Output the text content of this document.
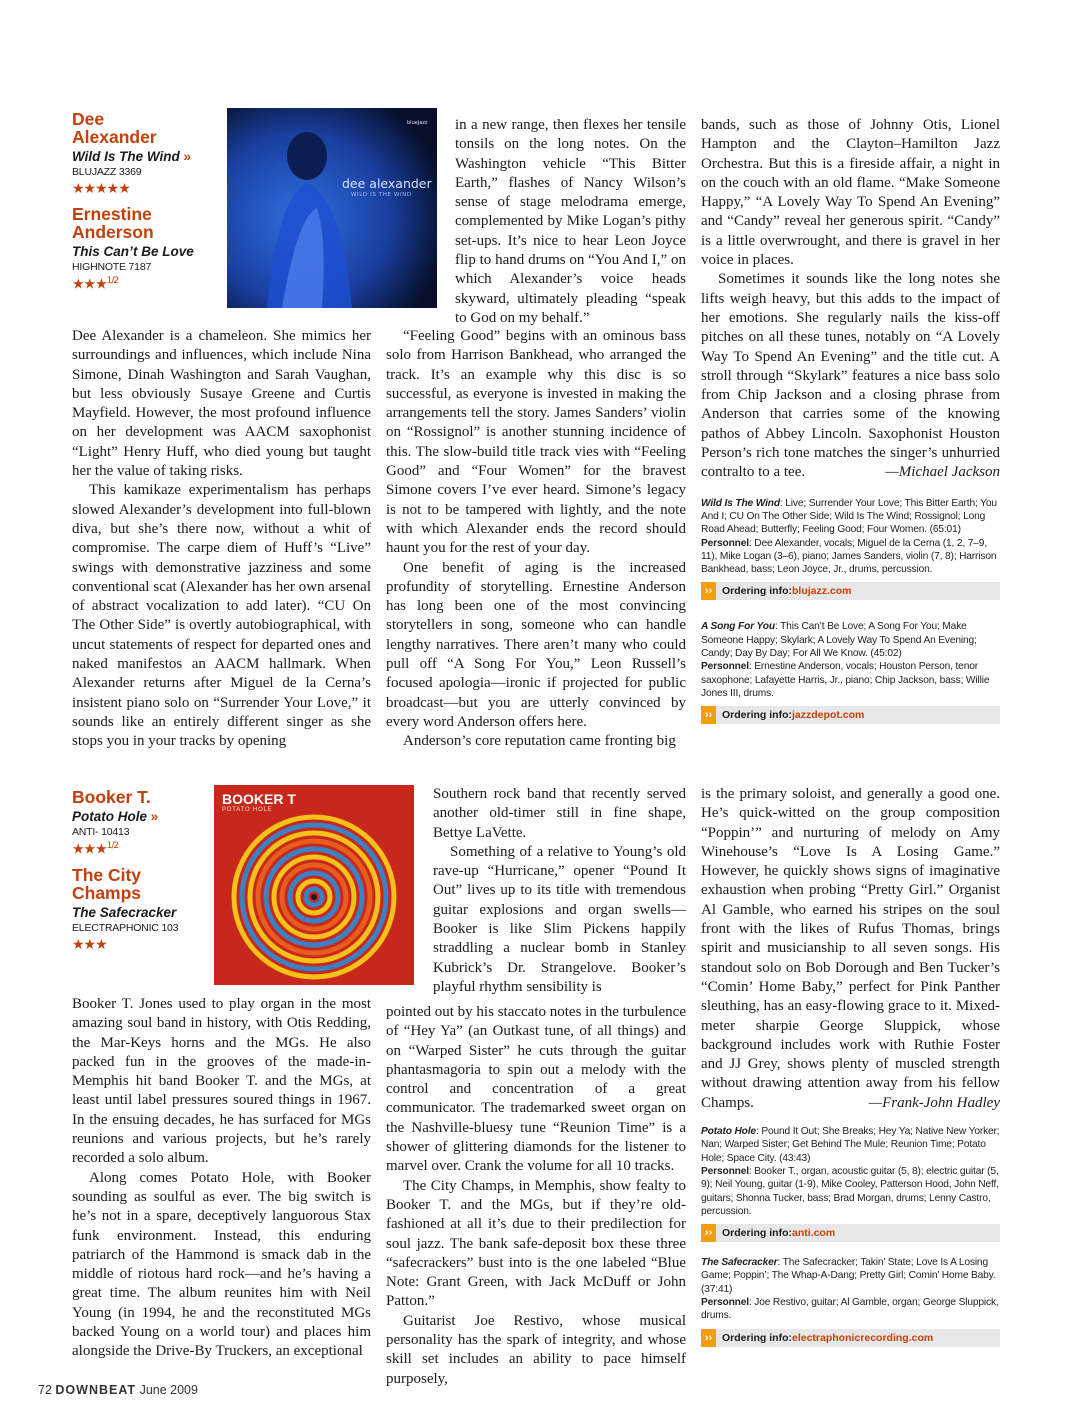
Dee Alexander
Wild Is The Wind »
BLUJAZZ 3369
★★★★★
Ernestine Anderson
This Can’t Be Love
HIGHNOTE 7187
★★★$^{1/2}$
dee alexander
WILD IS THE WIND
bluejazz

Dee Alexander is a chameleon. She mimics her surroundings and influences, which include Nina Simone, Dinah Washington and Sarah Vaughan, but less obviously Susaye Greene and Curtis Mayfield. However, the most profound influence on her development was AACM saxophonist “Light” Henry Huff, who died young but taught her the value of taking risks.

This kamikaze experimentalism has perhaps slowed Alexander’s development into full-blown diva, but she’s there now, without a whit of compromise. The carpe diem of Huff’s “Live” swings with demonstrative jazziness and some conventional scat (Alexander has her own arsenal of abstract vocalization to add later). “CU On The Other Side” is overtly autobiographical, with uncut statements of respect for departed ones and naked manifestos an AACM hallmark. When Alexander returns after Miguel de la Cerna’s insistent piano solo on “Surrender Your Love,” it sounds like an entirely different singer as she stops you in your tracks by opening

in a new range, then flexes her tensile tonsils on the long notes. On the Washington vehicle “This Bitter Earth,” flashes of Nancy Wilson’s sense of stage melodrama emerge, complemented by Mike Logan’s pithy set-ups. It’s nice to hear Leon Joyce flip to hand drums on “You And I,” on which Alexander’s voice heads skyward, ultimately pleading “speak to God on my behalf.”

“Feeling Good” begins with an ominous bass solo from Harrison Bankhead, who arranged the track. It’s an example why this disc is so successful, as everyone is invested in making the arrangements tell the story. James Sanders’ violin on “Rossignol” is another stunning incidence of this. The slow-build title track vies with “Feeling Good” and “Four Women” for the bravest Simone covers I’ve ever heard. Simone’s legacy is not to be tampered with lightly, and the note with which Alexander ends the record should haunt you for the rest of your day.

One benefit of aging is the increased profundity of storytelling. Ernestine Anderson has long been one of the most convincing storytellers in song, someone who can handle lengthy narratives. There aren’t many who could pull off “A Song For You,” Leon Russell’s focused apologia—ironic if projected for public broadcast—but you are utterly convinced by every word Anderson offers here.

Anderson’s core reputation came fronting big

bands, such as those of Johnny Otis, Lionel Hampton and the Clayton–Hamilton Jazz Orchestra. But this is a fireside affair, a night in on the couch with an old flame. “Make Someone Happy,” “A Lovely Way To Spend An Evening” and “Candy” reveal her generous spirit. “Candy” is a little overwrought, and there is gravel in her voice in places.

Sometimes it sounds like the long notes she lifts weigh heavy, but this adds to the impact of her emotions. She regularly nails the kiss-off pitches on all these tunes, notably on “A Lovely Way To Spend An Evening” and the title cut. A stroll through “Skylark” features a nice bass solo from Chip Jackson and a closing phrase from Anderson that carries some of the knowing pathos of Abbey Lincoln. Saxophonist Houston Person’s rich tone matches the singer’s unhurried contralto to a tee.	—Michael Jackson

Wild Is The Wind: Live; Surrender Your Love; This Bitter Earth; You And I; CU On The Other Side; Wild Is The Wind; Rossignol; Long Road Ahead; Butterfly; Feeling Good; Four Women. (65:01)
Personnel: Dee Alexander, vocals; Miguel de la Cerna (1, 2, 7–9, 11), Mike Logan (3–6), piano; James Sanders, violin (7, 8); Harrison Bankhead, bass; Leon Joyce, Jr., drums, percussion.
›› Ordering info: blujazz.com
A Song For You: This Can’t Be Love; A Song For You; Make Someone Happy; Skylark; A Lovely Way To Spend An Evening; Candy; Day By Day; For All We Know. (45:02)
Personnel: Ernestine Anderson, vocals; Houston Person, tenor saxophone; Lafayette Harris, Jr., piano; Chip Jackson, bass; Willie Jones III, drums.
›› Ordering info: jazzdepot.com
Booker T.
Potato Hole »
ANTI- 10413
★★★$^{1/2}$
The City Champs
The Safecracker
ELECTRAPHONIC 103
★★★
BOOKER T
POTATO HOLE

Booker T. Jones used to play organ in the most amazing soul band in history, with Otis Redding, the Mar-Keys horns and the MGs. He also packed fun in the grooves of the made-in-Memphis hit band Booker T. and the MGs, at least until label pressures soured things in 1967. In the ensuing decades, he has surfaced for MGs reunions and various projects, but he’s rarely recorded a solo album.

Along comes Potato Hole, with Booker sounding as soulful as ever. The big switch is he’s not in a spare, deceptively languorous Stax funk environment. Instead, this enduring patriarch of the Hammond is smack dab in the middle of riotous hard rock—and he’s having a great time. The album reunites him with Neil Young (in 1994, he and the reconstituted MGs backed Young on a world tour) and places him alongside the Drive-By Truckers, an exceptional

Southern rock band that recently served another old-timer still in fine shape, Bettye LaVette.

Something of a relative to Young’s old rave-up “Hurricane,” opener “Pound It Out” lives up to its title with tremendous guitar explosions and organ swells—Booker is like Slim Pickens happily straddling a nuclear bomb in Stanley Kubrick’s Dr. Strangelove. Booker’s playful rhythm sensibility is

pointed out by his staccato notes in the turbulence of “Hey Ya” (an Outkast tune, of all things) and on “Warped Sister” he cuts through the guitar phantasmagoria to spin out a melody with the control and concentration of a great communicator. The trademarked sweet organ on the Nashville-bluesy tune “Reunion Time” is a shower of glittering diamonds for the listener to marvel over. Crank the volume for all 10 tracks.

The City Champs, in Memphis, show fealty to Booker T. and the MGs, but if they’re old-fashioned at all it’s due to their predilection for soul jazz. The bank safe-deposit box these three “safecrackers” bust into is the one labeled “Blue Note: Grant Green, with Jack McDuff or John Patton.”

Guitarist Joe Restivo, whose musical personality has the spark of integrity, and whose skill set includes an ability to pace himself purposely,

is the primary soloist, and generally a good one. He’s quick-witted on the group composition “Poppin’” and nurturing of melody on Amy Winehouse’s “Love Is A Losing Game.” However, he quickly shows signs of imaginative exhaustion when probing “Pretty Girl.” Organist Al Gamble, who earned his stripes on the soul front with the likes of Rufus Thomas, brings spirit and musicianship to all seven songs. His standout solo on Bob Dorough and Ben Tucker’s “Comin’ Home Baby,” perfect for Pink Panther sleuthing, has an easy-flowing grace to it. Mixed-meter sharpie George Sluppick, whose background includes work with Ruthie Foster and JJ Grey, shows plenty of muscled strength without drawing attention away from his fellow Champs.	—Frank-John Hadley

Potato Hole: Pound It Out; She Breaks; Hey Ya; Native New Yorker; Nan; Warped Sister; Get Behind The Mule; Reunion Time; Potato Hole; Space City. (43:43)
Personnel: Booker T., organ, acoustic guitar (5, 8); electric guitar (5, 9); Neil Young, guitar (1-9), Mike Cooley, Patterson Hood, John Neff, guitars; Shonna Tucker, bass; Brad Morgan, drums; Lenny Castro, percussion.
›› Ordering info: anti.com
The Safecracker: The Safecracker; Takin’ State; Love Is A Losing Game; Poppin’; The Whap-A-Dang; Pretty Girl; Comin’ Home Baby. (37:41)
Personnel: Joe Restivo, guitar; Al Gamble, organ; George Sluppick, drums.
›› Ordering info: electraphonicrecording.com
72 DOWNBEAT June 2009
